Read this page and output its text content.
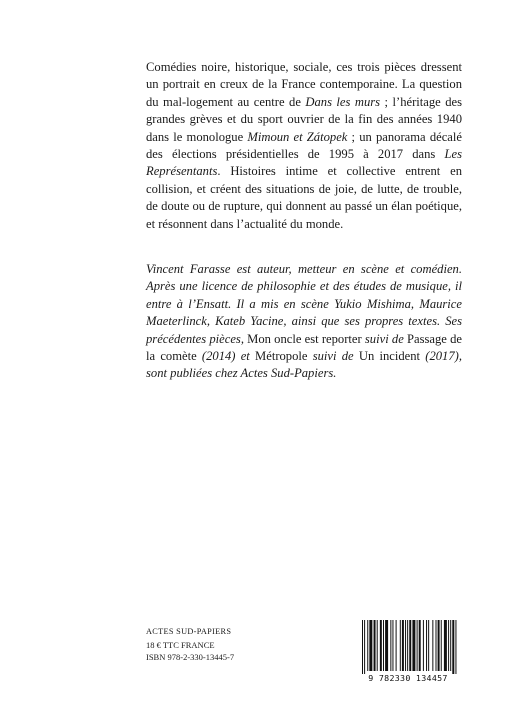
Comédies noire, historique, sociale, ces trois pièces dressent un portrait en creux de la France contemporaine. La question du mal-logement au centre de Dans les murs ; l’héritage des grandes grèves et du sport ouvrier de la fin des années 1940 dans le monologue Mimoun et Zátopek ; un panorama décalé des élections présidentielles de 1995 à 2017 dans Les Représentants. Histoires intime et collective entrent en collision, et créent des situations de joie, de lutte, de trouble, de doute ou de rupture, qui donnent au passé un élan poétique, et résonnent dans l’actualité du monde.

Vincent Farasse est auteur, metteur en scène et comédien. Après une licence de philosophie et des études de musique, il entre à l’Ensatt. Il a mis en scène Yukio Mishima, Maurice Maeterlinck, Kateb Yacine, ainsi que ses propres textes. Ses précédentes pièces, Mon oncle est reporter suivi de Passage de la comète (2014) et Métropole suivi de Un incident (2017), sont publiées chez Actes Sud-Papiers.

ACTES SUD-PAPIERS
18 € TTC FRANCE
ISBN 978-2-330-13445-7
9 782330 134457
